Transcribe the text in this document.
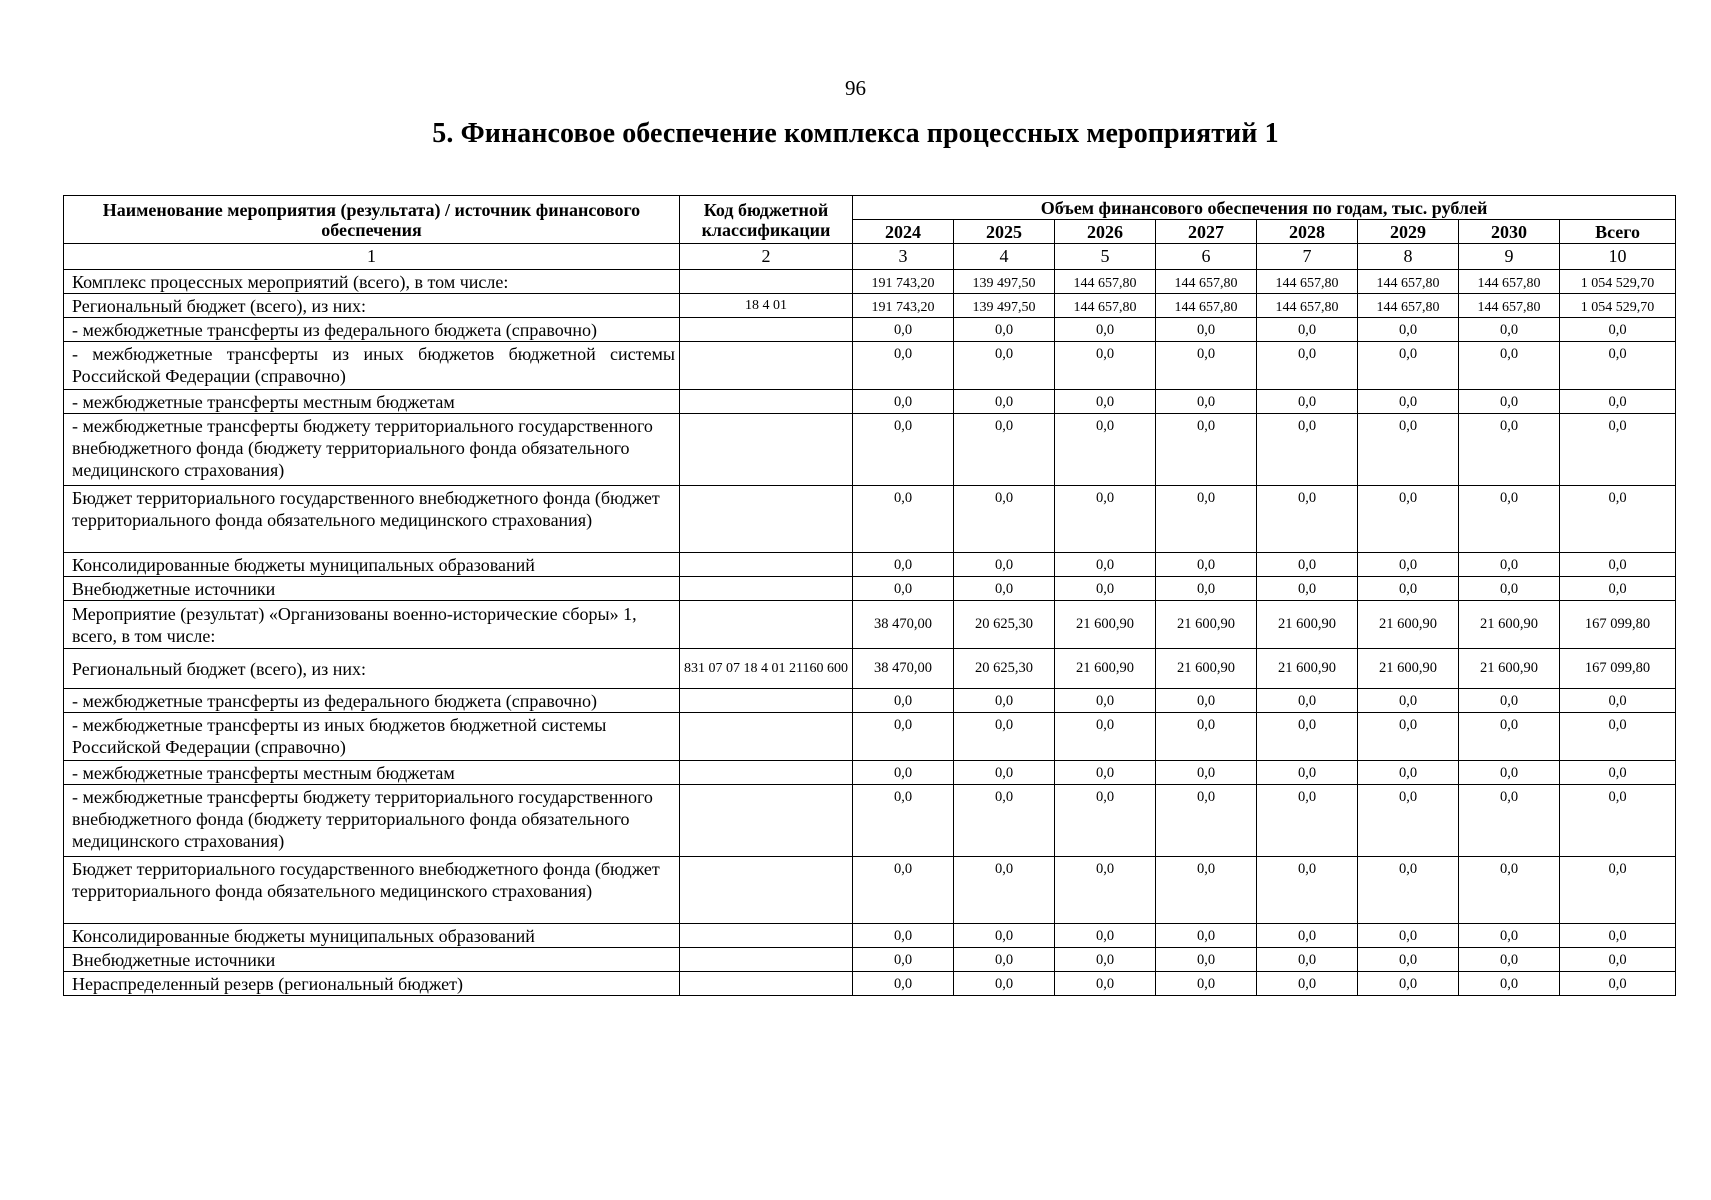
96
5. Финансовое обеспечение комплекса процессных мероприятий 1
Наименование мероприятия (результата) / источник финансового обеспечения	Код бюджетной классификации	Объем финансового обеспечения по годам, тыс. рублей							
		2024	2025	2026	2027	2028	2029	2030	Всего
1	2	3	4	5	6	7	8	9	10
Комплекс процессных мероприятий (всего), в том числе:		191 743,20	139 497,50	144 657,80	144 657,80	144 657,80	144 657,80	144 657,80	1 054 529,70
Региональный бюджет (всего), из них:	18 4 01	191 743,20	139 497,50	144 657,80	144 657,80	144 657,80	144 657,80	144 657,80	1 054 529,70
- межбюджетные трансферты из федерального бюджета (справочно)		0,0	0,0	0,0	0,0	0,0	0,0	0,0	0,0
- межбюджетные трансферты из иных бюджетов бюджетной системы Российской Федерации (справочно)		0,0	0,0	0,0	0,0	0,0	0,0	0,0	0,0
- межбюджетные трансферты местным бюджетам		0,0	0,0	0,0	0,0	0,0	0,0	0,0	0,0
- межбюджетные трансферты бюджету территориального государственного внебюджетного фонда (бюджету территориального фонда обязательного медицинского страхования)		0,0	0,0	0,0	0,0	0,0	0,0	0,0	0,0
Бюджет территориального государственного внебюджетного фонда (бюджет территориального фонда обязательного медицинского страхования)		0,0	0,0	0,0	0,0	0,0	0,0	0,0	0,0
Консолидированные бюджеты муниципальных образований		0,0	0,0	0,0	0,0	0,0	0,0	0,0	0,0
Внебюджетные источники		0,0	0,0	0,0	0,0	0,0	0,0	0,0	0,0
Мероприятие (результат) «Организованы военно-исторические сборы» 1, всего, в том числе:		38 470,00	20 625,30	21 600,90	21 600,90	21 600,90	21 600,90	21 600,90	167 099,80
Региональный бюджет (всего), из них:	831 07 07 18 4 01 21160 600	38 470,00	20 625,30	21 600,90	21 600,90	21 600,90	21 600,90	21 600,90	167 099,80
- межбюджетные трансферты из федерального бюджета (справочно)		0,0	0,0	0,0	0,0	0,0	0,0	0,0	0,0
- межбюджетные трансферты из иных бюджетов бюджетной системы Российской Федерации (справочно)		0,0	0,0	0,0	0,0	0,0	0,0	0,0	0,0
- межбюджетные трансферты местным бюджетам		0,0	0,0	0,0	0,0	0,0	0,0	0,0	0,0
- межбюджетные трансферты бюджету территориального государственного внебюджетного фонда (бюджету территориального фонда обязательного медицинского страхования)		0,0	0,0	0,0	0,0	0,0	0,0	0,0	0,0
Бюджет территориального государственного внебюджетного фонда (бюджет территориального фонда обязательного медицинского страхования)		0,0	0,0	0,0	0,0	0,0	0,0	0,0	0,0
Консолидированные бюджеты муниципальных образований		0,0	0,0	0,0	0,0	0,0	0,0	0,0	0,0
Внебюджетные источники		0,0	0,0	0,0	0,0	0,0	0,0	0,0	0,0
Нераспределенный резерв (региональный бюджет)		0,0	0,0	0,0	0,0	0,0	0,0	0,0	0,0
